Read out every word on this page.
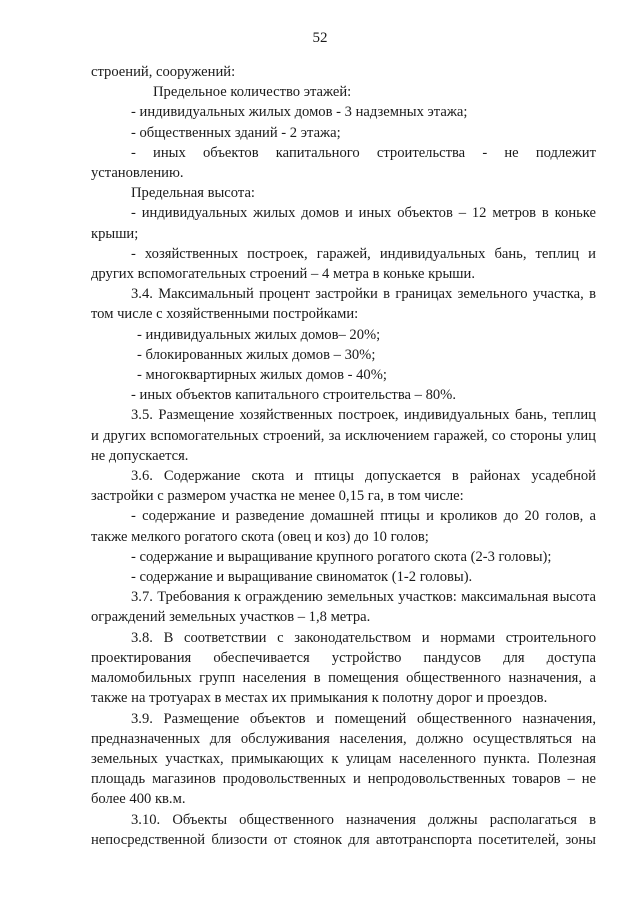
52

строений, сооружений:

Предельное количество этажей:

- индивидуальных жилых домов - 3 надземных этажа;

- общественных зданий - 2 этажа;

- иных объектов капитального строительства - не подлежит установлению.

Предельная высота:

- индивидуальных жилых домов и иных объектов – 12 метров в коньке крыши;

- хозяйственных построек, гаражей, индивидуальных бань, теплиц и других вспомогательных строений – 4 метра в коньке крыши.

3.4. Максимальный процент застройки в границах земельного участка, в том числе с хозяйственными постройками:

- индивидуальных жилых домов– 20%;

- блокированных жилых домов – 30%;

- многоквартирных жилых домов - 40%;

- иных объектов капитального строительства – 80%.

3.5. Размещение хозяйственных построек, индивидуальных бань, теплиц и других вспомогательных строений, за исключением гаражей, со стороны улиц не допускается.

3.6. Содержание скота и птицы допускается в районах усадебной застройки с размером участка не менее 0,15 га, в том числе:

- содержание и разведение домашней птицы и кроликов до 20 голов, а также мелкого рогатого скота (овец и коз) до 10 голов;

- содержание и выращивание крупного рогатого скота (2-3 головы);

- содержание и выращивание свиноматок (1-2 головы).

3.7. Требования к ограждению земельных участков: максимальная высота ограждений земельных участков – 1,8 метра.

3.8. В соответствии с законодательством и нормами строительного проектирования обеспечивается устройство пандусов для доступа маломобильных групп населения в помещения общественного назначения, а также на тротуарах в местах их примыкания к полотну дорог и проездов.

3.9. Размещение объектов и помещений общественного назначения, предназначенных для обслуживания населения, должно осуществляться на земельных участках, примыкающих к улицам населенного пункта. Полезная площадь магазинов продовольственных и непродовольственных товаров – не более 400 кв.м.

3.10. Объекты общественного назначения должны располагаться в непосредственной близости от стоянок для автотранспорта посетителей, зоны
